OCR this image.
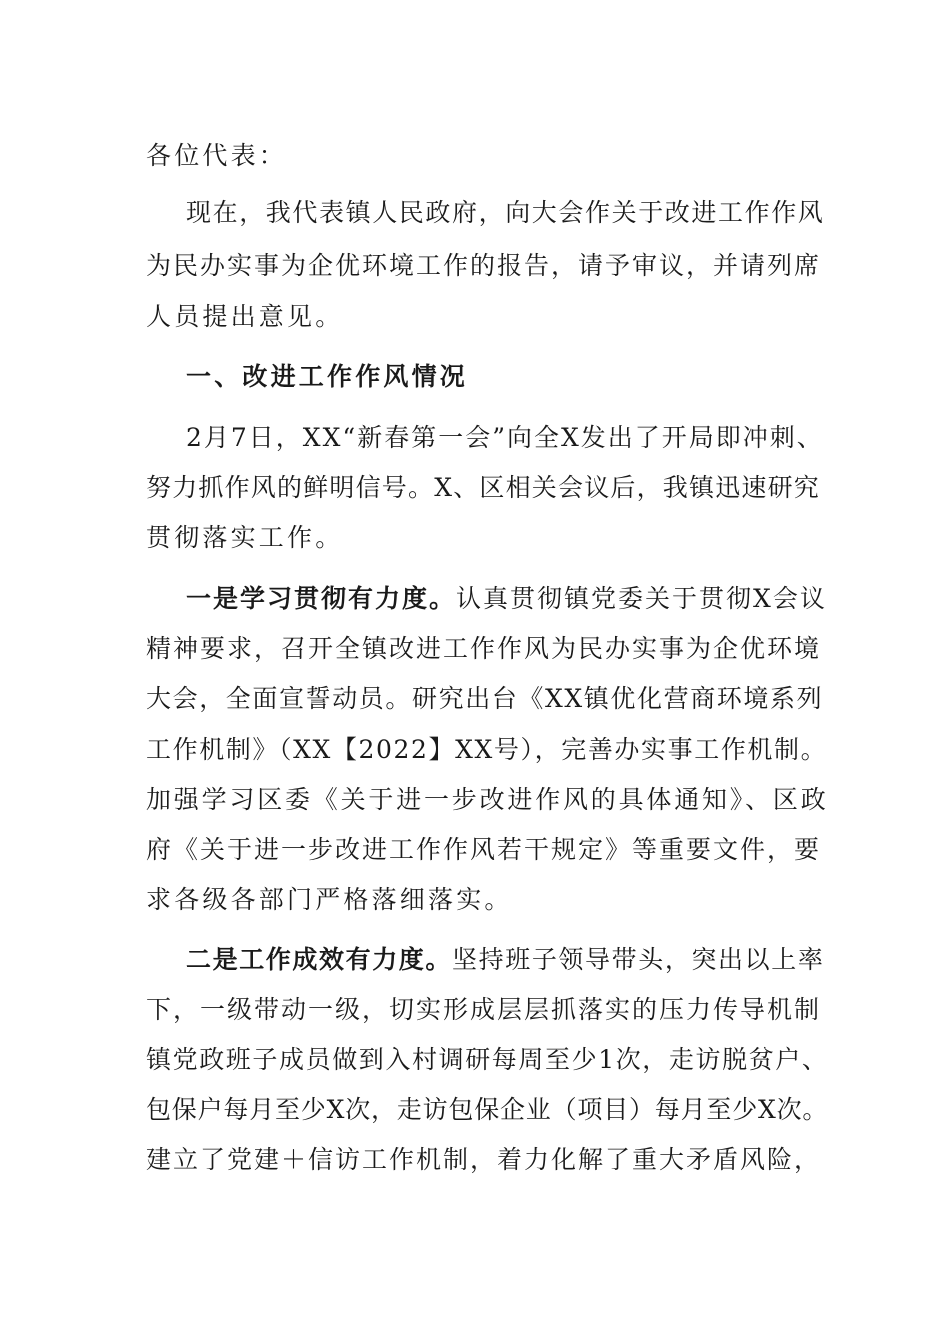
各位代表：
现在，我代表镇人民政府，向大会作关于改进工作作风
为民办实事为企优环境工作的报告，请予审议，并请列席
人员提出意见。
一、改进工作作风情况
2月7日，XX“新春第一会”向全X发出了开局即冲刺、
努力抓作风的鲜明信号。X、区相关会议后，我镇迅速研究
贯彻落实工作。
一是学习贯彻有力度。认真贯彻镇党委关于贯彻X会议
精神要求，召开全镇改进工作作风为民办实事为企优环境
大会，全面宣誓动员。研究出台《XX镇优化营商环境系列
工作机制》（XX【2022】XX号），完善办实事工作机制。
加强学习区委《关于进一步改进作风的具体通知》、区政
府《关于进一步改进工作作风若干规定》等重要文件，要
求各级各部门严格落细落实。
二是工作成效有力度。坚持班子领导带头，突出以上率
下，一级带动一级，切实形成层层抓落实的压力传导机制
镇党政班子成员做到入村调研每周至少1次，走访脱贫户、
包保户每月至少X次，走访包保企业（项目）每月至少X次。
建立了党建＋信访工作机制，着力化解了重大矛盾风险，
